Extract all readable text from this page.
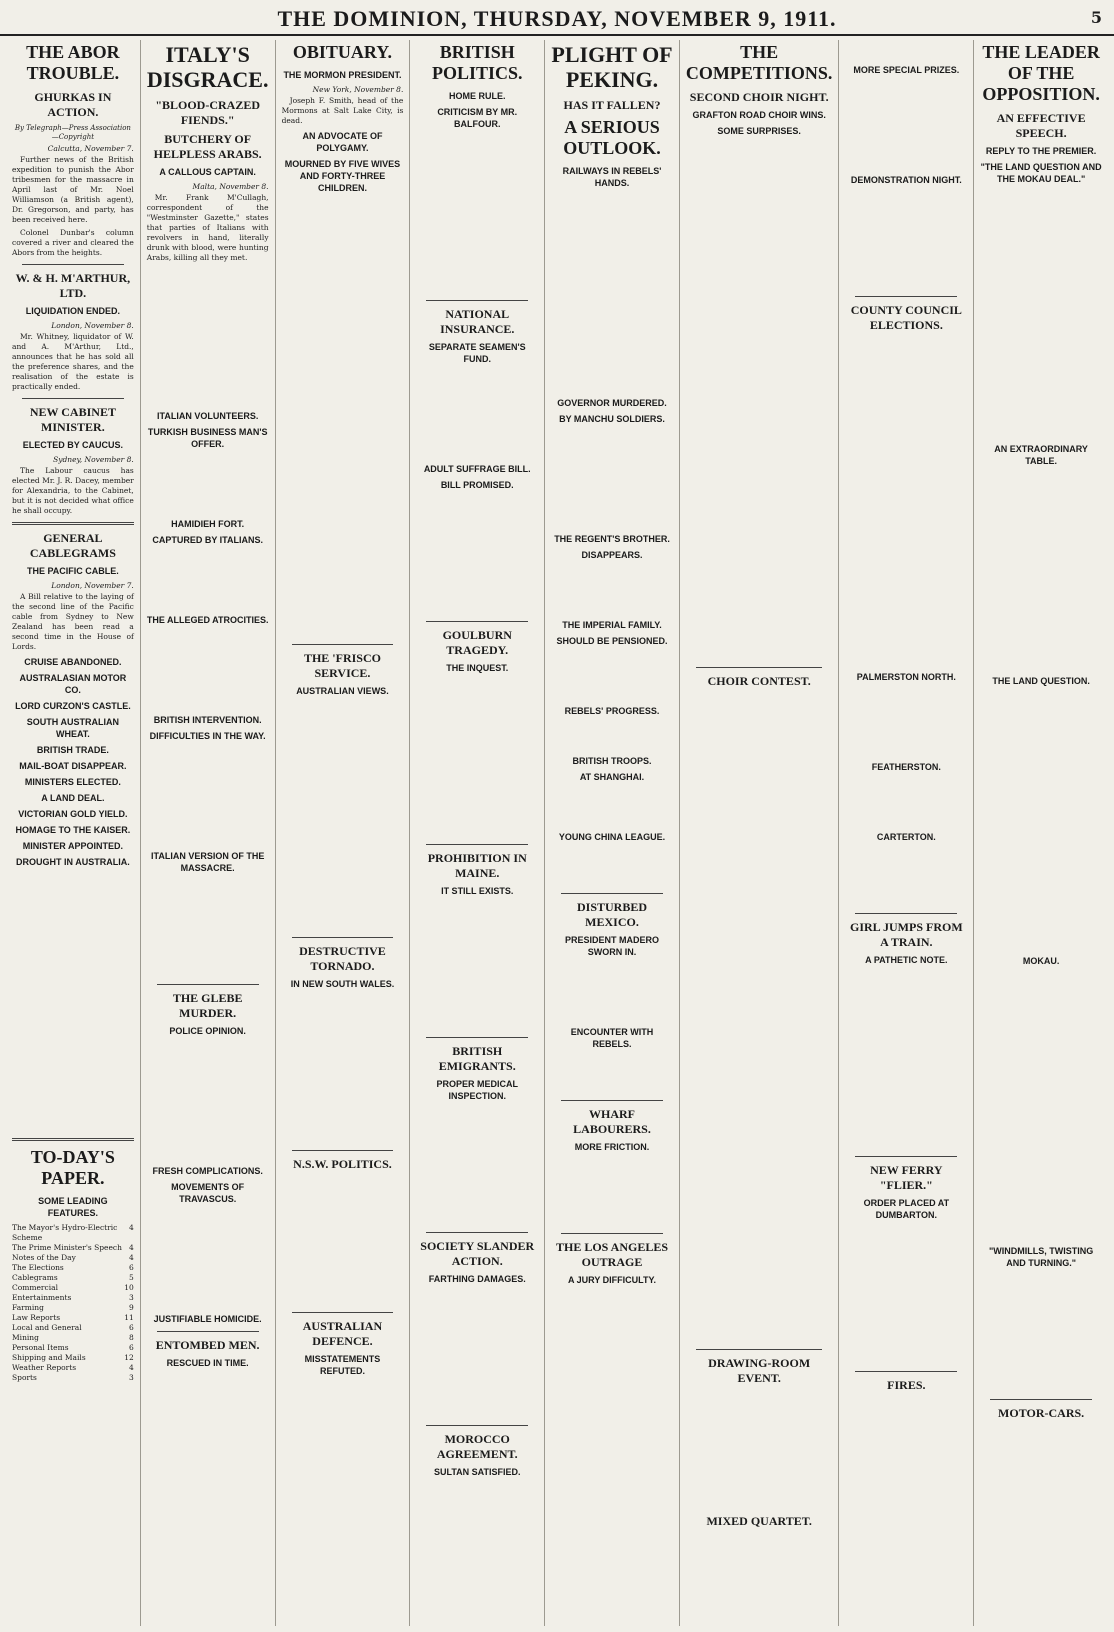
THE DOMINION, THURSDAY, NOVEMBER 9, 1911.	5
THE ABOR TROUBLE.
GHURKAS IN ACTION.
By Telegraph—Press Association—Copyright
Calcutta, November 7.

Further news of the British expedition to punish the Abor tribesmen for the massacre in April last of Mr. Noel Williamson (a British agent), Dr. Gregorson, and party, has been received here.

Colonel Dunbar's column covered a river and cleared the Abors from the heights.

W. & H. M'ARTHUR, LTD.
LIQUIDATION ENDED.
London, November 8.

Mr. Whitney, liquidator of W. and A. M'Arthur, Ltd., announces that he has sold all the preference shares, and the realisation of the estate is practically ended.

NEW CABINET MINISTER.
ELECTED BY CAUCUS.
Sydney, November 8.

The Labour caucus has elected Mr. J. R. Dacey, member for Alexandria, to the Cabinet, but it is not decided what office he shall occupy.

GENERAL CABLEGRAMS
THE PACIFIC CABLE.
London, November 7.

A Bill relative to the laying of the second line of the Pacific cable from Sydney to New Zealand has been read a second time in the House of Lords.

CRUISE ABANDONED.
AUSTRALASIAN MOTOR CO.
LORD CURZON'S CASTLE.
SOUTH AUSTRALIAN WHEAT.
BRITISH TRADE.
MAIL-BOAT DISAPPEAR.
MINISTERS ELECTED.
A LAND DEAL.
VICTORIAN GOLD YIELD.
HOMAGE TO THE KAISER.
MINISTER APPOINTED.
DROUGHT IN AUSTRALIA.
TO-DAY'S PAPER.
SOME LEADING FEATURES.
The Mayor's Hydro-Electric Scheme
4
The Prime Minister's Speech 4
Notes of the Day	4
The Elections	6
Cablegrams	5
Commercial	10
Entertainments	3
Farming	9
Law Reports	11
Local and General	6
Mining	8
Personal Items	6
Shipping and Mails	12
Weather Reports	4
Sports	3
ITALY'S DISGRACE.
"BLOOD-CRAZED FIENDS."
BUTCHERY OF HELPLESS ARABS.
A CALLOUS CAPTAIN.
Malta, November 8.

Mr. Frank M'Cullagh, correspondent of the "Westminster Gazette," states that parties of Italians with revolvers in hand, literally drunk with blood, were hunting Arabs, killing all they met.

ITALIAN VOLUNTEERS.
TURKISH BUSINESS MAN'S OFFER.
HAMIDIEH FORT.
CAPTURED BY ITALIANS.
THE ALLEGED ATROCITIES.
BRITISH INTERVENTION.
DIFFICULTIES IN THE WAY.
ITALIAN VERSION OF THE MASSACRE.
THE GLEBE MURDER.
POLICE OPINION.
FRESH COMPLICATIONS.
MOVEMENTS OF TRAVASCUS.
JUSTIFIABLE HOMICIDE.
ENTOMBED MEN.
RESCUED IN TIME.
OBITUARY.
THE MORMON PRESIDENT.
New York, November 8.

Joseph F. Smith, head of the Mormons at Salt Lake City, is dead.

AN ADVOCATE OF POLYGAMY.
MOURNED BY FIVE WIVES AND FORTY-THREE CHILDREN.
THE 'FRISCO SERVICE.
AUSTRALIAN VIEWS.
DESTRUCTIVE TORNADO.
IN NEW SOUTH WALES.
N.S.W. POLITICS.
AUSTRALIAN DEFENCE.
MISSTATEMENTS REFUTED.
BRITISH POLITICS.
HOME RULE.
CRITICISM BY MR. BALFOUR.
NATIONAL INSURANCE.
SEPARATE SEAMEN'S FUND.
ADULT SUFFRAGE BILL.
BILL PROMISED.
GOULBURN TRAGEDY.
THE INQUEST.
PROHIBITION IN MAINE.
IT STILL EXISTS.
BRITISH EMIGRANTS.
PROPER MEDICAL INSPECTION.
SOCIETY SLANDER ACTION.
FARTHING DAMAGES.
MOROCCO AGREEMENT.
SULTAN SATISFIED.
PLIGHT OF PEKING.
HAS IT FALLEN?
A SERIOUS OUTLOOK.
RAILWAYS IN REBELS' HANDS.
GOVERNOR MURDERED.
BY MANCHU SOLDIERS.
THE REGENT'S BROTHER.
DISAPPEARS.
THE IMPERIAL FAMILY.
SHOULD BE PENSIONED.
REBELS' PROGRESS.
BRITISH TROOPS.
AT SHANGHAI.
YOUNG CHINA LEAGUE.
DISTURBED MEXICO.
PRESIDENT MADERO SWORN IN.
ENCOUNTER WITH REBELS.
WHARF LABOURERS.
MORE FRICTION.
THE LOS ANGELES OUTRAGE
A JURY DIFFICULTY.
THE COMPETITIONS.
SECOND CHOIR NIGHT.
GRAFTON ROAD CHOIR WINS.
SOME SURPRISES.
CHOIR CONTEST.
DRAWING-ROOM EVENT.
MIXED QUARTET.
MORE SPECIAL PRIZES.
DEMONSTRATION NIGHT.
COUNTY COUNCIL ELECTIONS.
PALMERSTON NORTH.
FEATHERSTON.
CARTERTON.
GIRL JUMPS FROM A TRAIN.
A PATHETIC NOTE.
NEW FERRY "FLIER."
ORDER PLACED AT DUMBARTON.
FIRES.
THE LEADER OF THE OPPOSITION.
AN EFFECTIVE SPEECH.
REPLY TO THE PREMIER.
"THE LAND QUESTION AND THE MOKAU DEAL."
AN EXTRAORDINARY TABLE.
THE LAND QUESTION.
MOKAU.
"WINDMILLS, TWISTING AND TURNING."
MOTOR-CARS.
